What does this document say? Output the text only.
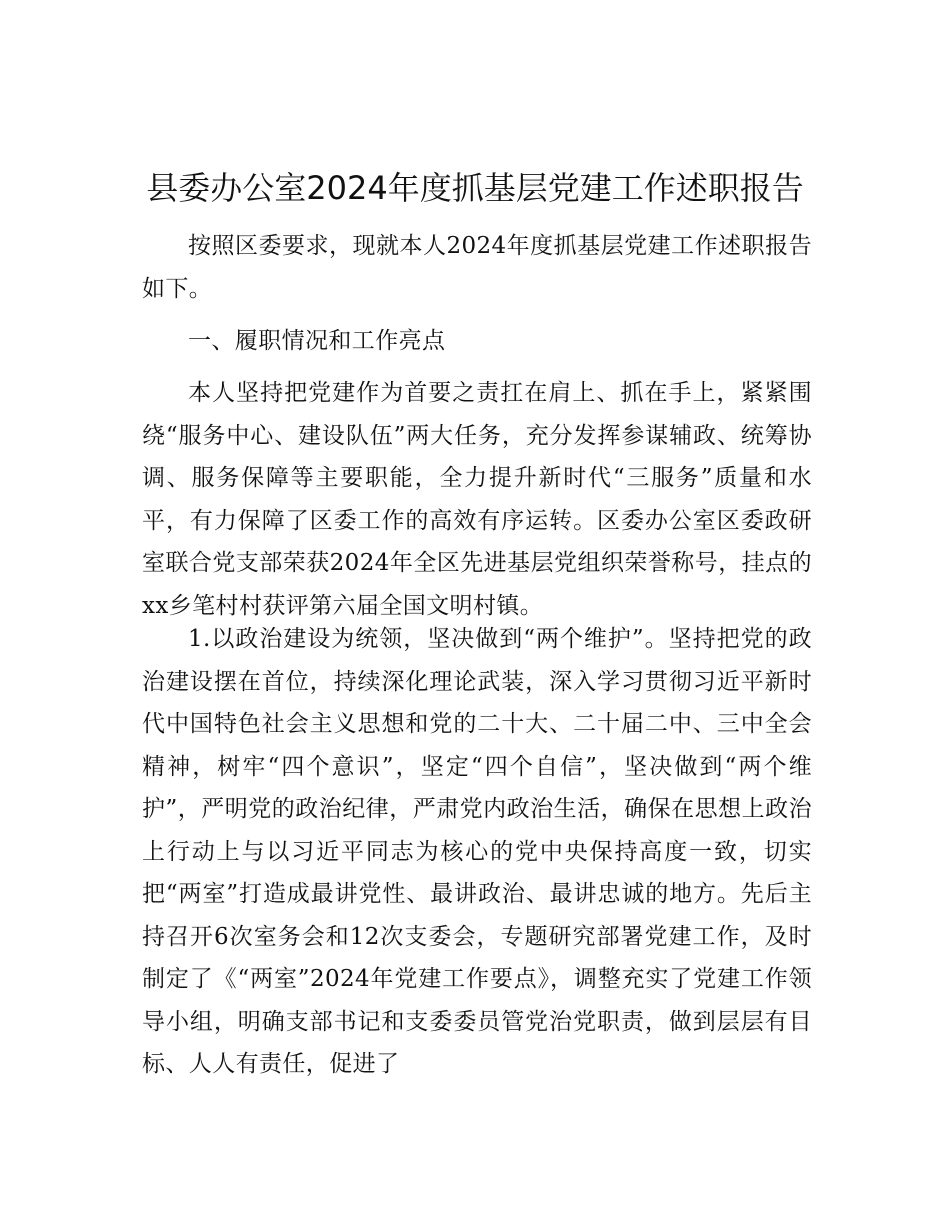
县委办公室2024年度抓基层党建工作述职报告

按照区委要求，现就本人2024年度抓基层党建工作述职报告如下。

一、履职情况和工作亮点

本人坚持把党建作为首要之责扛在肩上、抓在手上，紧紧围绕“服务中心、建设队伍”两大任务，充分发挥参谋辅政、统筹协调、服务保障等主要职能，全力提升新时代“三服务”质量和水平，有力保障了区委工作的高效有序运转。区委办公室区委政研室联合党支部荣获2024年全区先进基层党组织荣誉称号，挂点的xx乡笔村村获评第六届全国文明村镇。

1.以政治建设为统领，坚决做到“两个维护”。坚持把党的政治建设摆在首位，持续深化理论武装，深入学习贯彻习近平新时代中国特色社会主义思想和党的二十大、二十届二中、三中全会精神，树牢“四个意识”，坚定“四个自信”，坚决做到“两个维护”，严明党的政治纪律，严肃党内政治生活，确保在思想上政治上行动上与以习近平同志为核心的党中央保持高度一致，切实把“两室”打造成最讲党性、最讲政治、最讲忠诚的地方。先后主持召开6次室务会和12次支委会，专题研究部署党建工作，及时制定了《“两室”2024年党建工作要点》，调整充实了党建工作领导小组，明确支部书记和支委委员管党治党职责，做到层层有目标、人人有责任，促进了
